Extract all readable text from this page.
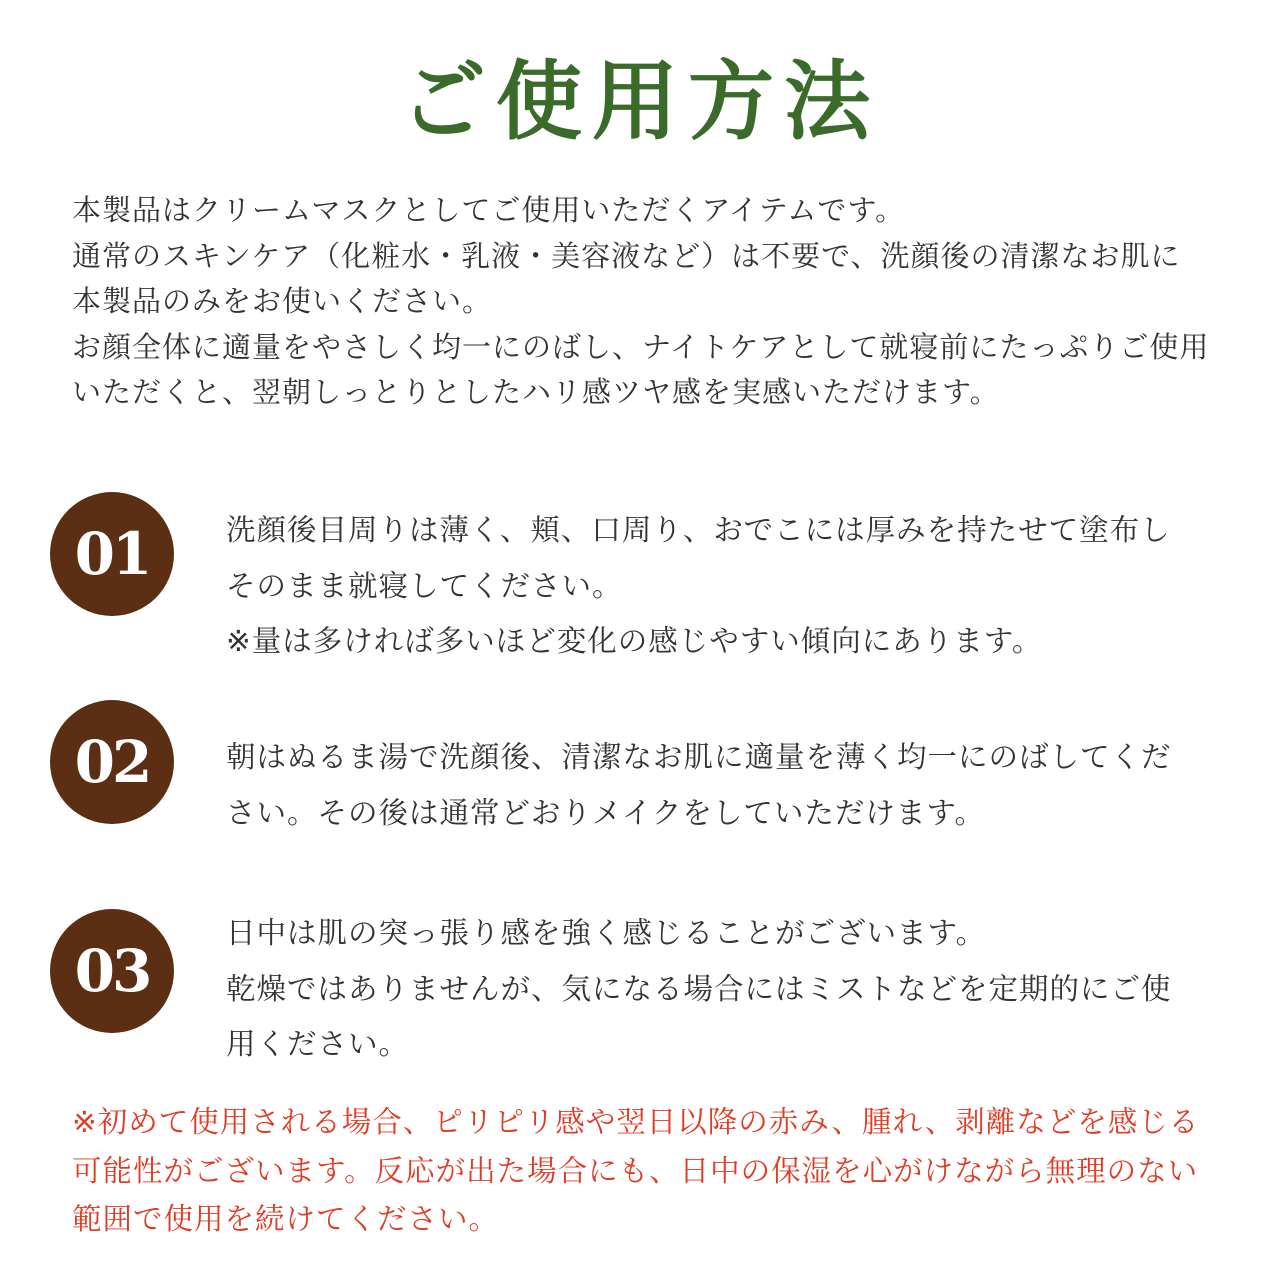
ご使用方法
本製品はクリームマスクとしてご使用いただくアイテムです。
通常のスキンケア（化粧水・乳液・美容液など）は不要で、洗顔後の清潔なお肌に
本製品のみをお使いください。
お顔全体に適量をやさしく均一にのばし、ナイトケアとして就寝前にたっぷりご使用
いただくと、翌朝しっとりとしたハリ感ツヤ感を実感いただけます。
01	洗顔後目周りは薄く、頬、口周り、おでこには厚みを持たせて塗布し
そのまま就寝してください。
※量は多ければ多いほど変化の感じやすい傾向にあります。
02	朝はぬるま湯で洗顔後、清潔なお肌に適量を薄く均一にのばしてくだ
さい。その後は通常どおりメイクをしていただけます。
03
日中は肌の突っ張り感を強く感じることがございます。
乾燥ではありませんが、気になる場合にはミストなどを定期的にご使
用ください。
※初めて使用される場合、ピリピリ感や翌日以降の赤み、腫れ、剥離などを感じる
可能性がございます。反応が出た場合にも、日中の保湿を心がけながら無理のない
範囲で使用を続けてください。
